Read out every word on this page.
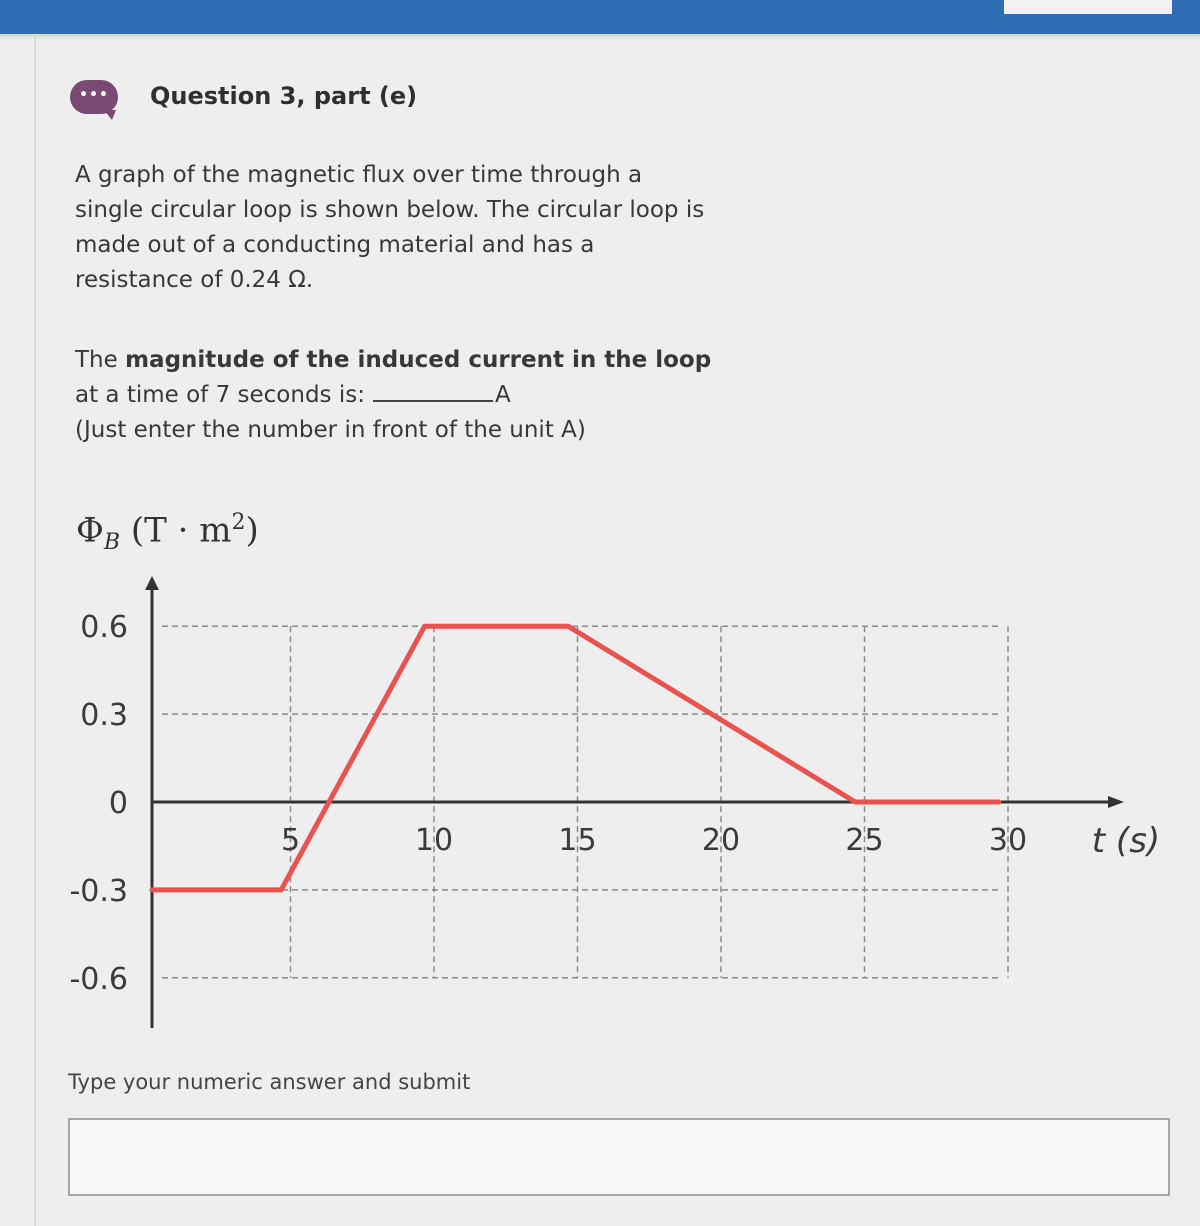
•••	Question 3, part (e)
A graph of the magnetic flux over time through a single circular loop is shown below. The circular loop is made out of a conducting material and has a resistance of 0.24 Ω.
The magnitude of the induced current in the loop at a time of 7 seconds is:	A
(Just enter the number in front of the unit A)
$\Phi_B$ $(T \cdot m^2)$
0.6
0.3
0
-0.3
-0.6
5	10	15	20	25	30 t (s)
Type your numeric answer and submit
